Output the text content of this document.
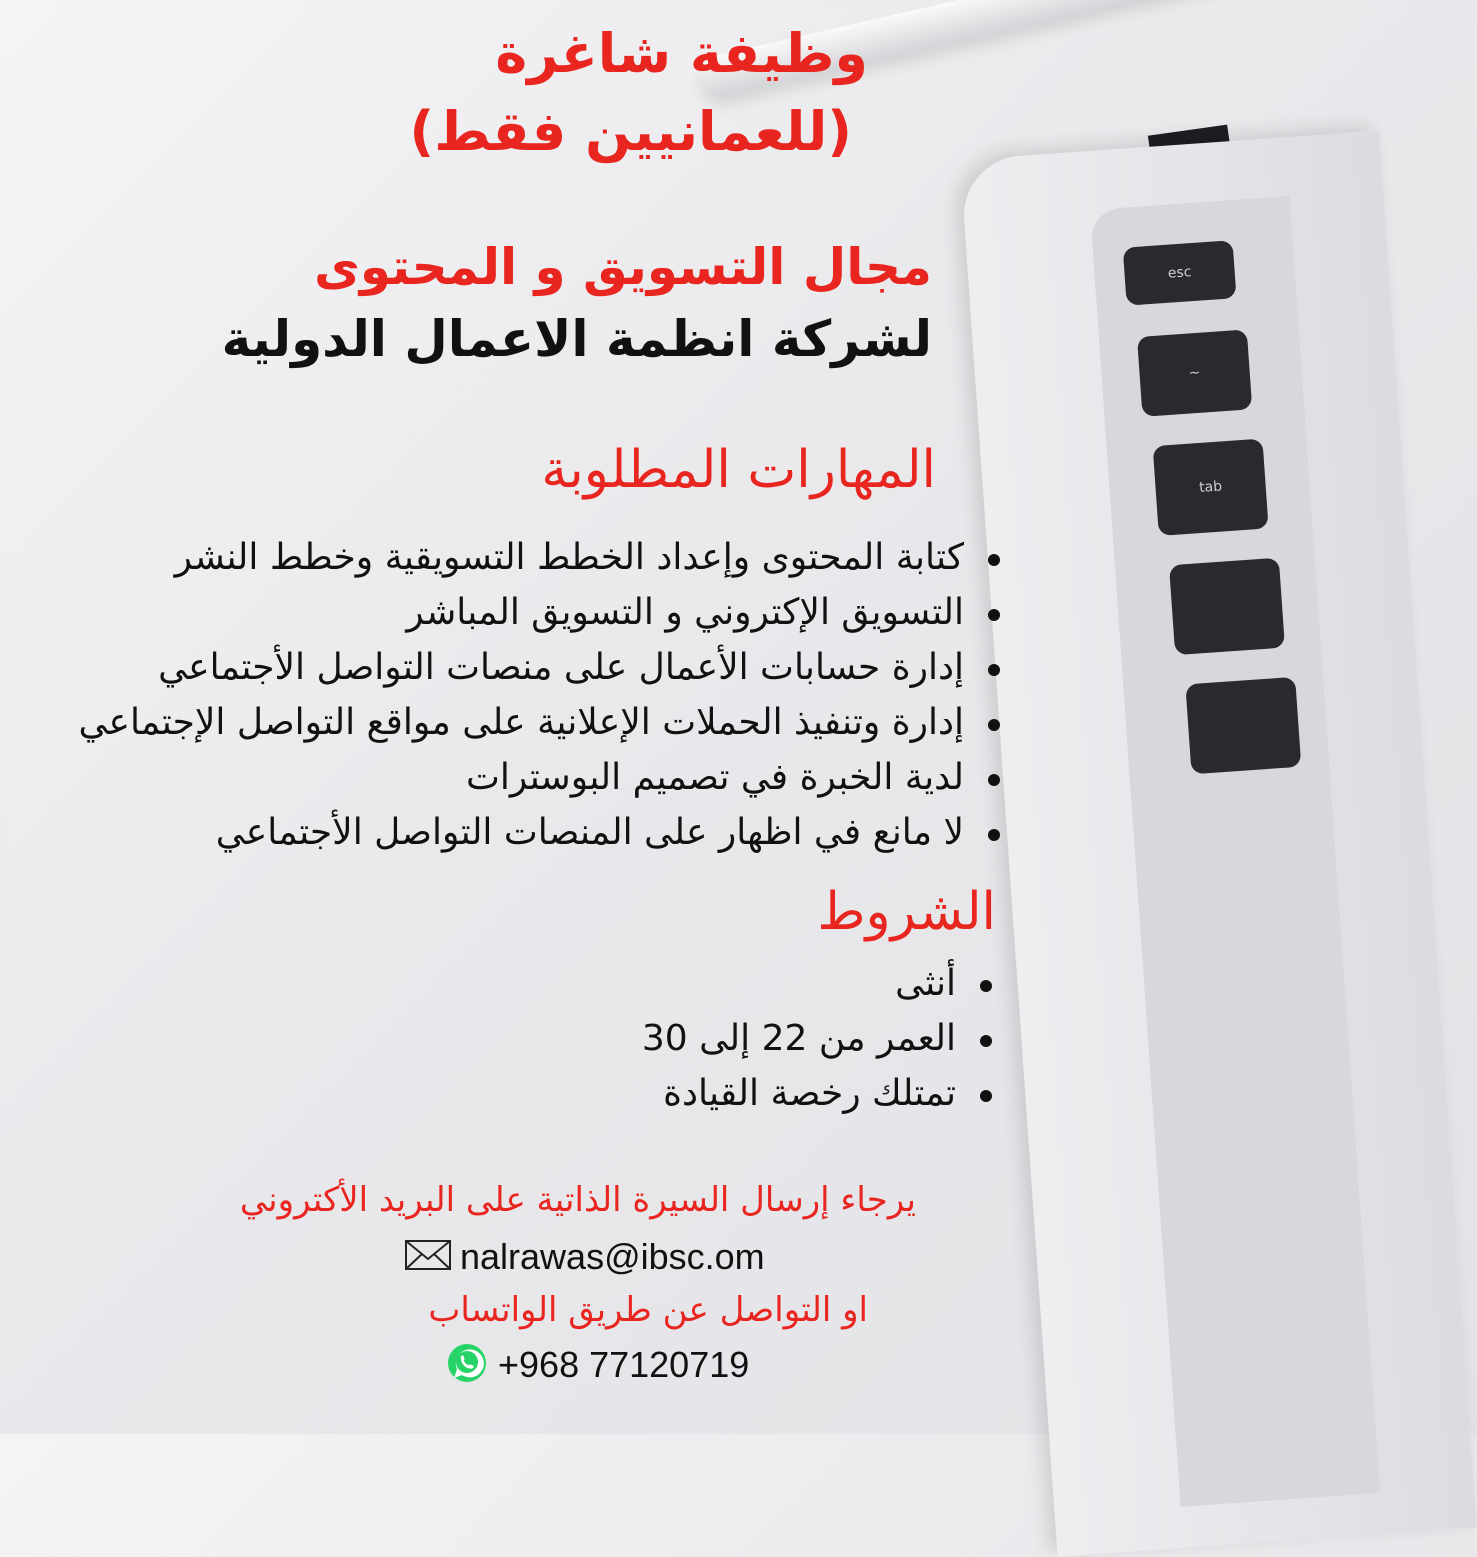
esc
~
tab
وظيفة شاغرة
(للعمانيين فقط)
مجال التسويق و المحتوى
لشركة انظمة الاعمال الدولية
المهارات المطلوبة
كتابة المحتوى وإعداد الخطط التسويقية وخطط النشر
التسويق الإكتروني و التسويق المباشر
إدارة حسابات الأعمال على منصات التواصل الأجتماعي
إدارة وتنفيذ الحملات الإعلانية على مواقع التواصل الإجتماعي
لدية الخبرة في تصميم البوسترات
لا مانع في اظهار على المنصات التواصل الأجتماعي
الشروط
أنثى
العمر من 22 إلى 30
تمتلك رخصة القيادة
يرجاء إرسال السيرة الذاتية على البريد الأكتروني
nalrawas@ibsc.om
او التواصل عن طريق الواتساب
+968 77120719
